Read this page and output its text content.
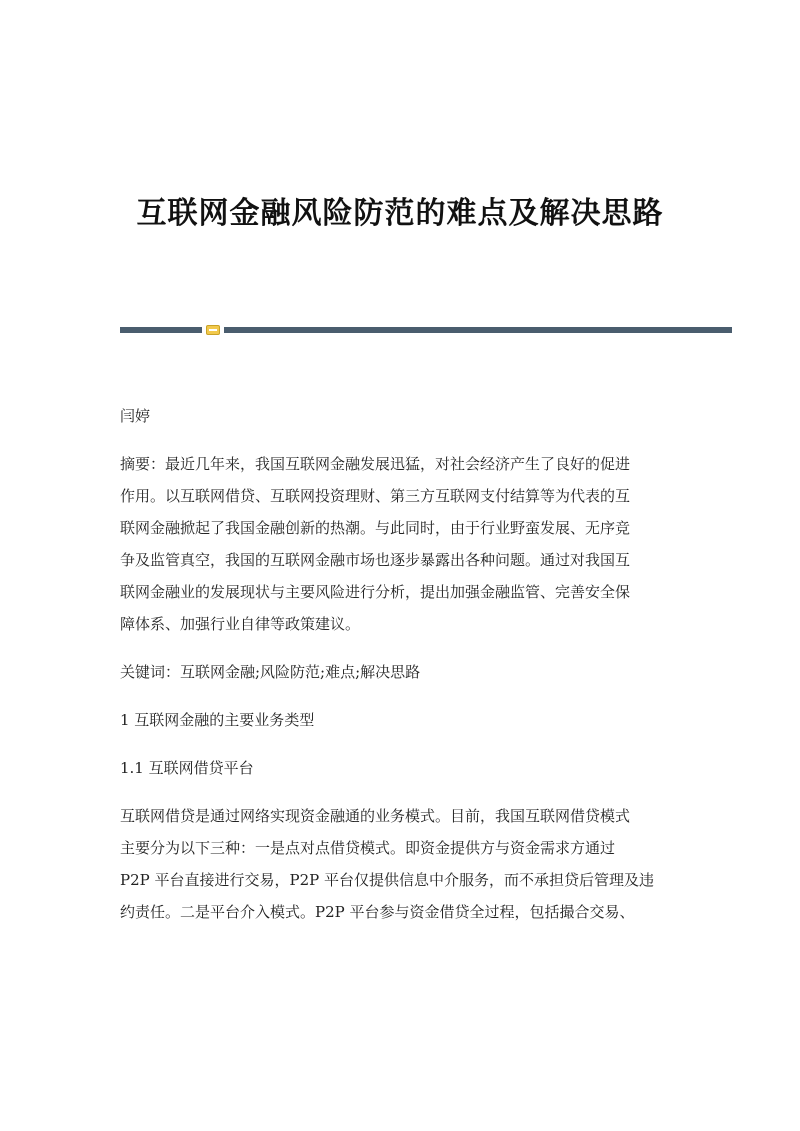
互联网金融风险防范的难点及解决思路

闫婷

摘要：最近几年来，我国互联网金融发展迅猛，对社会经济产生了良好的促进
作用。以互联网借贷、互联网投资理财、第三方互联网支付结算等为代表的互
联网金融掀起了我国金融创新的热潮。与此同时，由于行业野蛮发展、无序竞
争及监管真空，我国的互联网金融市场也逐步暴露出各种问题。通过对我国互
联网金融业的发展现状与主要风险进行分析，提出加强金融监管、完善安全保
障体系、加强行业自律等政策建议。

关键词：互联网金融;风险防范;难点;解决思路

1 互联网金融的主要业务类型

1.1 互联网借贷平台

互联网借贷是通过网络实现资金融通的业务模式。目前，我国互联网借贷模式
主要分为以下三种：一是点对点借贷模式。即资金提供方与资金需求方通过
P2P 平台直接进行交易，P2P 平台仅提供信息中介服务，而不承担贷后管理及违
约责任。二是平台介入模式。P2P 平台参与资金借贷全过程，包括撮合交易、
